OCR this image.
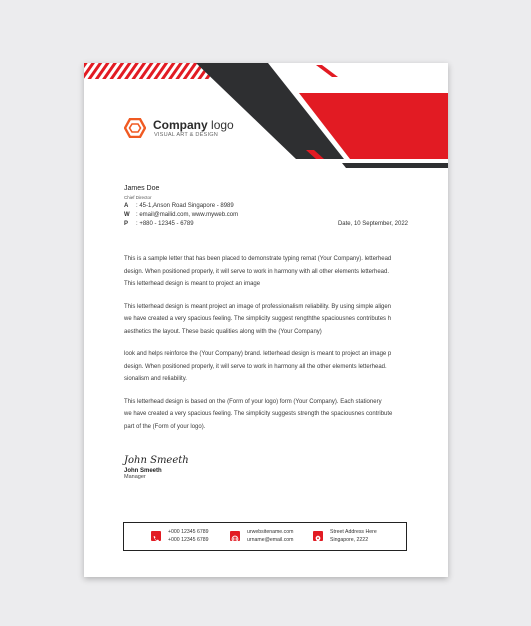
Company logo
VISUAL ART & DESIGN
James Doe
Chief Director
A : 45-1,Anson Road Singapore - 8989
W : email@mailid.com, www.myweb.com
P : +880 - 12345 - 6789	Date, 10 September, 2022

This is a sample letter that has been placed to demonstrate typing remat (Your Company). letterhead
design. When positioned properly, it will serve to work in harmony with all other elements letterhead.
This letterhead design is meant to project an image

This letterhead design is meant project an image of professionalism reliability. By using simple aligen
we have created a very spacious feeling. The simplicity suggest rengththe spaciousnes contributes h
aesthetics the layout. These basic qualities along with the (Your Company)

look and helps reinforce the (Your Company) brand. letterhead design is meant to project an image p
design. When positioned properly, it will serve to work in harmony all the other elements letterhead.
sionalism and reliability.

This letterhead design is based on the (Form of your logo) form (Your Company). Each stationery
we have created a very spacious feeling. The simplicity suggests strength the spaciousnes contribute
part of the (Form of your logo).

John Smeeth
John Smeeth
Manager
+000 12345 6789
+000 12345 6789
urwebsitename.com
urname@email.com
Street Address Here
Singapore, 2222
